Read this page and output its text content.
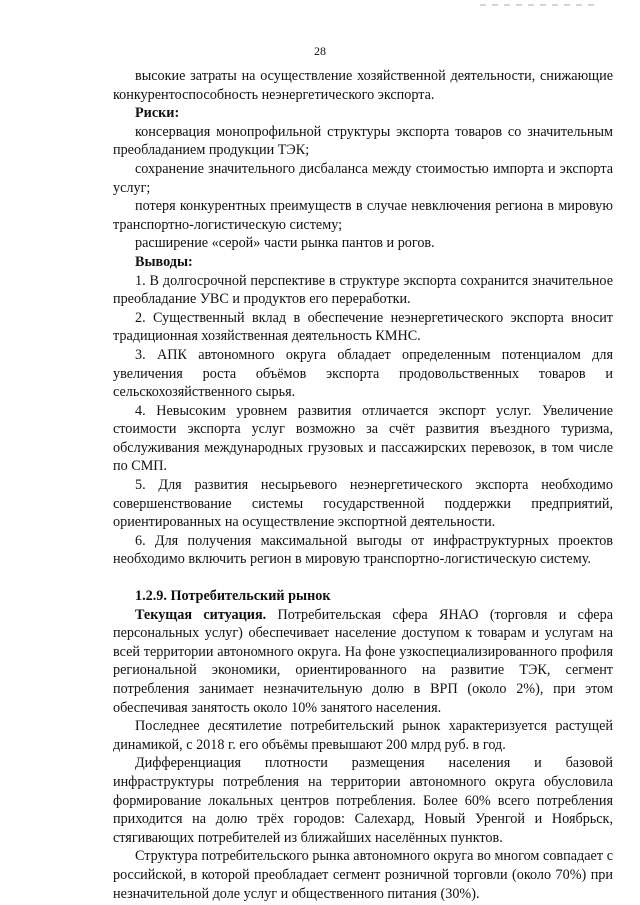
28

высокие затраты на осуществление хозяйственной деятельности, снижающие конкурентоспособность неэнергетического экспорта.

Риски:

консервация монопрофильной структуры экспорта товаров со значительным преобладанием продукции ТЭК;

сохранение значительного дисбаланса между стоимостью импорта и экспорта услуг;

потеря конкурентных преимуществ в случае невключения региона в мировую транспортно-логистическую систему;

расширение «серой» части рынка пантов и рогов.

Выводы:

1. В долгосрочной перспективе в структуре экспорта сохранится значительное преобладание УВС и продуктов его переработки.

2. Существенный вклад в обеспечение неэнергетического экспорта вносит традиционная хозяйственная деятельность КМНС.

3. АПК автономного округа обладает определенным потенциалом для увеличения роста объёмов экспорта продовольственных товаров и сельскохозяйственного сырья.

4. Невысоким уровнем развития отличается экспорт услуг. Увеличение стоимости экспорта услуг возможно за счёт развития въездного туризма, обслуживания международных грузовых и пассажирских перевозок, в том числе по СМП.

5. Для развития несырьевого неэнергетического экспорта необходимо совершенствование системы государственной поддержки предприятий, ориентированных на осуществление экспортной деятельности.

6. Для получения максимальной выгоды от инфраструктурных проектов необходимо включить регион в мировую транспортно-логистическую систему.

1.2.9. Потребительский рынок

Текущая ситуация. Потребительская сфера ЯНАО (торговля и сфера персональных услуг) обеспечивает население доступом к товарам и услугам на всей территории автономного округа. На фоне узкоспециализированного профиля региональной экономики, ориентированного на развитие ТЭК, сегмент потребления занимает незначительную долю в ВРП (около 2%), при этом обеспечивая занятость около 10% занятого населения.

Последнее десятилетие потребительский рынок характеризуется растущей динамикой, с 2018 г. его объёмы превышают 200 млрд руб. в год.

Дифференциация плотности размещения населения и базовой инфраструктуры потребления на территории автономного округа обусловила формирование локальных центров потребления. Более 60% всего потребления приходится на долю трёх городов: Салехард, Новый Уренгой и Ноябрьск, стягивающих потребителей из ближайших населённых пунктов.

Структура потребительского рынка автономного округа во многом совпадает с российской, в которой преобладает сегмент розничной торговли (около 70%) при незначительной доле услуг и общественного питания (30%).
